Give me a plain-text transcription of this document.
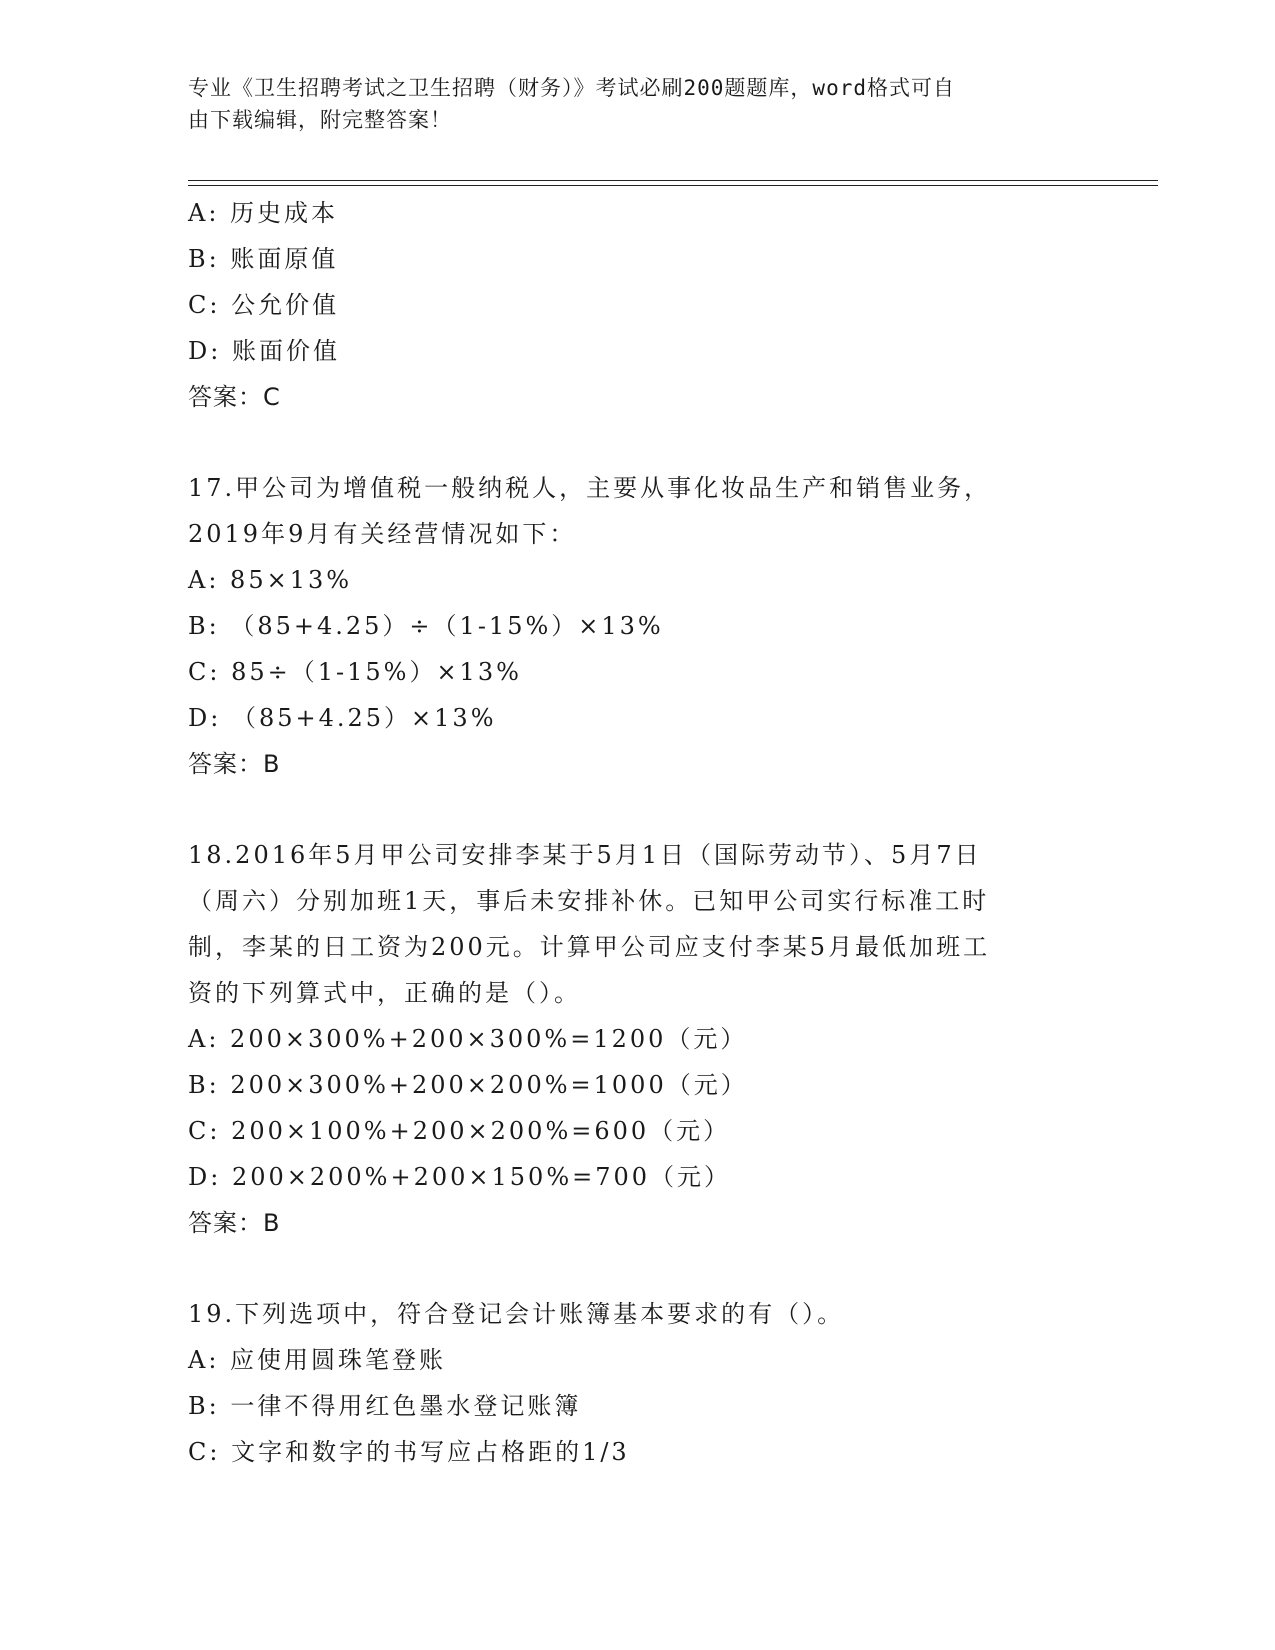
专业《卫生招聘考试之卫生招聘（财务）》考试必刷200题题库，word格式可自
由下载编辑，附完整答案！
A: 历史成本
B: 账面原值
C: 公允价值
D: 账面价值
答案：C
17.甲公司为增值税一般纳税人，主要从事化妆品生产和销售业务，
2019年9月有关经营情况如下：
A: 85×13%
B: （85+4.25）÷（1-15%）×13%
C: 85÷（1-15%）×13%
D: （85+4.25）×13%
答案：B
18.2016年5月甲公司安排李某于5月1日（国际劳动节）、5月7日
（周六）分别加班1天，事后未安排补休。已知甲公司实行标准工时
制，李某的日工资为200元。计算甲公司应支付李某5月最低加班工
资的下列算式中，正确的是（）。
A: 200×300%+200×300%=1200（元）
B: 200×300%+200×200%=1000（元）
C: 200×100%+200×200%=600（元）
D: 200×200%+200×150%=700（元）
答案：B
19.下列选项中，符合登记会计账簿基本要求的有（）。
A: 应使用圆珠笔登账
B: 一律不得用红色墨水登记账簿
C: 文字和数字的书写应占格距的1/3
